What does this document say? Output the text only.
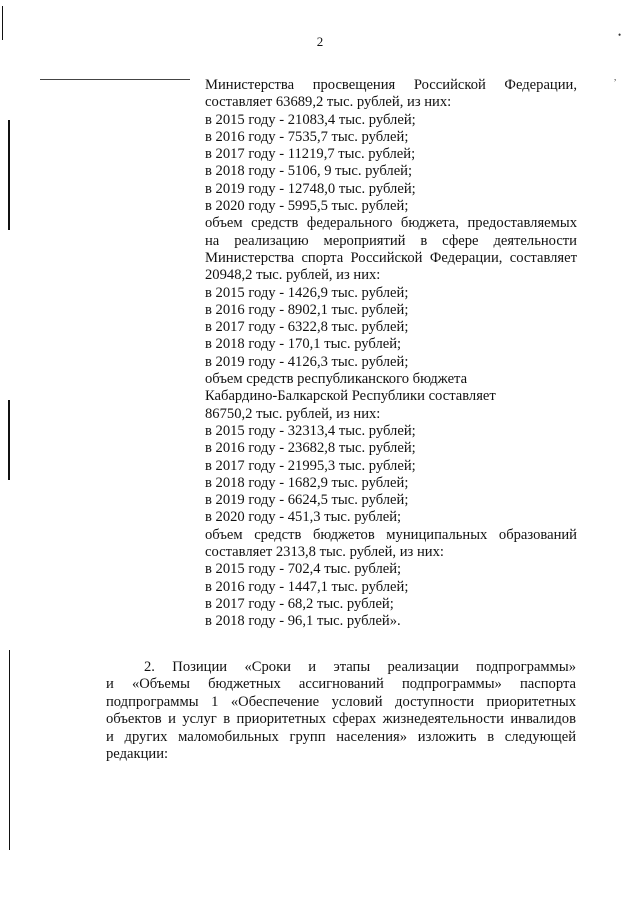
•
,
2
Министерства просвещения Российской Федерации,
составляет 63689,2 тыс. рублей, из них:
в 2015 году - 21083,4 тыс. рублей;
в 2016 году - 7535,7 тыс. рублей;
в 2017 году - 11219,7 тыс. рублей;
в 2018 году - 5106, 9 тыс. рублей;
в 2019 году - 12748,0 тыс. рублей;
в 2020 году - 5995,5 тыс. рублей;
объем средств федерального бюджета, предоставляемых
на реализацию мероприятий в сфере деятельности
Министерства спорта Российской Федерации, составляет
20948,2 тыс. рублей, из них:
в 2015 году - 1426,9 тыс. рублей;
в 2016 году - 8902,1 тыс. рублей;
в 2017 году - 6322,8 тыс. рублей;
в 2018 году - 170,1 тыс. рублей;
в 2019 году - 4126,3 тыс. рублей;
объем средств республиканского бюджета
Кабардино-Балкарской Республики составляет
86750,2 тыс. рублей, из них:
в 2015 году - 32313,4 тыс. рублей;
в 2016 году - 23682,8 тыс. рублей;
в 2017 году - 21995,3 тыс. рублей;
в 2018 году - 1682,9 тыс. рублей;
в 2019 году - 6624,5 тыс. рублей;
в 2020 году - 451,3 тыс. рублей;
объем средств бюджетов муниципальных образований
составляет 2313,8 тыс. рублей, из них:
в 2015 году - 702,4 тыс. рублей;
в 2016 году - 1447,1 тыс. рублей;
в 2017 году - 68,2 тыс. рублей;
в 2018 году - 96,1 тыс. рублей».
2. Позиции «Сроки и этапы реализации подпрограммы»
и «Объемы бюджетных ассигнований подпрограммы» паспорта
подпрограммы 1 «Обеспечение условий доступности приоритетных
объектов и услуг в приоритетных сферах жизнедеятельности инвалидов
и других маломобильных групп населения» изложить в следующей
редакции:
